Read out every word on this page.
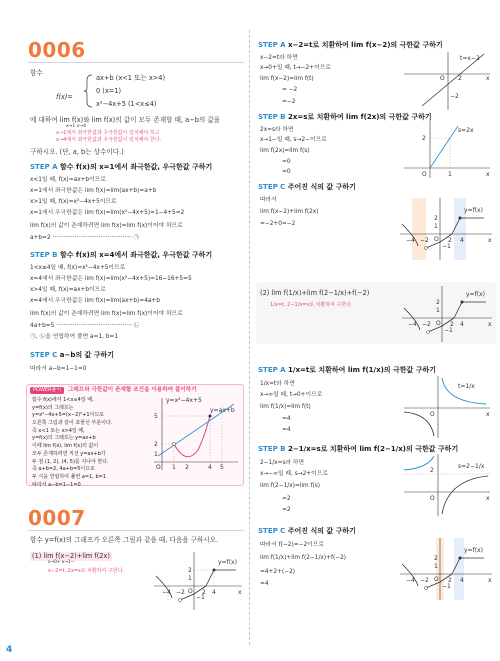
0006
함수
f(x)=
ax+b (x<1 또는 x>4)
0 (x=1)
x²−4x+5 (1<x≤4)
에 대하여 lim f(x)와 lim f(x)의 값이 모두 존재할 때, a−b의 값을
x→1 x→4
x→1에서 좌극한값과 우극한값이 일치해야 하고
x→4에서 좌극한값과 우극한값이 일치해야 한다.
구하시오. (단, a, b는 상수이다.)
STEP A 함수 f(x)의 x=1에서 좌극한값, 우극한값 구하기
x<1일 때, f(x)=ax+b이므로
x=1에서 좌극한값은 lim f(x)=lim(ax+b)=a+b
x>1일 때, f(x)=x²−4x+5이므로
x=1에서 우극한값은 lim f(x)=lim(x²−4x+5)=1−4+5=2
lim f(x)의 값이 존재하려면 lim f(x)=lim f(x)이어야 하므로
a+b=2 ··········································· ㉠
STEP B 함수 f(x)의 x=4에서 좌극한값, 우극한값 구하기
1<x≤4일 때, f(x)=x²−4x+5이므로
x=4에서 좌극한값은 lim f(x)=lim(x²−4x+5)=16−16+5=5
x>4일 때, f(x)=ax+b이므로
x=4에서 우극한값은 lim f(x)=lim(ax+b)=4a+b
lim f(x)의 값이 존재하려면 lim f(x)=lim f(x)이어야 하므로
4a+b=5 ········································· ㉡
㉠, ㉡을 연립하여 풀면 a=1, b=1
STEP C a−b의 값 구하기
따라서 a−b=1−1=0
POWER풀이	그래프와 극한값이 존재할 조건을 이용하여 풀이하기
함수 f(x)에서 1<x≤4일 때,
y=f(x)의 그래프는
y=x²−4x+5=(x−2)²+1이므로
오른쪽 그림과 같이 포물선 부분이다.
즉 x<1 또는 x>4일 때,
y=f(x)의 그래프는 y=ax+b
이때 lim f(x), lim f(x)의 값이
모두 존재하려면 직선 y=ax+b가
두 점 (1, 2), (4, 5)를 지나야 한다.
즉 a+b=2, 4a+b=5이므로
두 식을 연립하여 풀면 a=1, b=1
따라서 a−b=1−1=0
y=x²−4x+5
y=ax+b
5
2
1
O 1 2	4 5
0007
함수 y=f(x)의 그래프가 오른쪽 그림과 같을 때, 다음을 구하시오.
(1) lim f(x−2)+lim f(2x)
x→0+ x→1−
x−2=t, 2x=s로 치환하여 구한다.
y=f(x)
2
1
−1
−4 −2 O 2 4	x
4
STEP A x−2=t로 치환하여 lim f(x−2)의 극한값 구하기
x−2=t라 하면
x→0+일 때, t→−2+이므로
lim f(x−2)=lim f(t)
= −2
=−2
t=x−2
O
−2
2	x
STEP B 2x=s로 치환하여 lim f(2x)의 극한값 구하기
2x=s라 하면
x→1−일 때, s→2−이므로
lim f(2x)=lim f(s)
=0
=0
s=2x
2
O	1	x
STEP C 주어진 식의 값 구하기
따라서
lim f(x−2)+lim f(2x)
=−2+0=−2
y=f(x)
2
1
−1
−4 −2 O 2 4	x
(2) lim f(1/x)+lim f(2−1/x)+f(−2)
1/x=t, 2−1/x=s로 치환하여 구한다.
y=f(x)
2
1
−1
−4 −2 O 2 4	x
STEP A 1/x=t로 치환하여 lim f(1/x)의 극한값 구하기
1/x=t라 하면
x→∞일 때, t→0+이므로
lim f(1/x)=lim f(t)
=4
=4
t=1/x
O	x
STEP B 2−1/x=s로 치환하여 lim f(2−1/x)의 극한값 구하기
2−1/x=s라 하면
x→−∞일 때, s→2+이므로
lim f(2−1/x)=lim f(s)
=2
=2
s=2−1/x
2
O	x
STEP C 주어진 식의 값 구하기
따라서 f(−2)=−2이므로
lim f(1/x)+lim f(2−1/x)+f(−2)
=4+2+(−2)
=4
y=f(x)
2
1
−1
−4 −2 O 2 4	x
